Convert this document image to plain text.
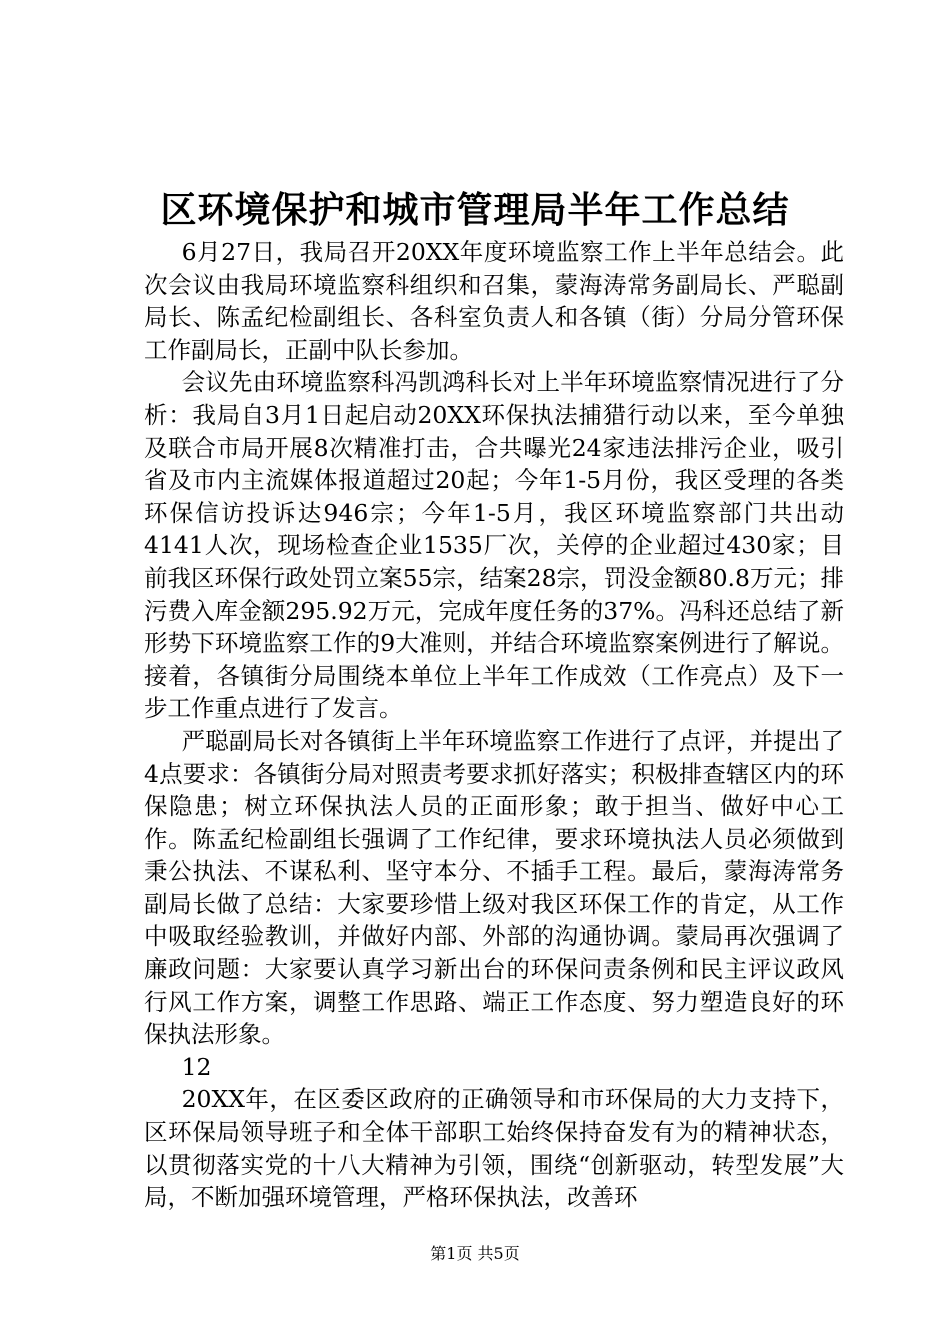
区环境保护和城市管理局半年工作总结

6月27日，我局召开20XX年度环境监察工作上半年总结会。此次会议由我局环境监察科组织和召集，蒙海涛常务副局长、严聪副局长、陈孟纪检副组长、各科室负责人和各镇（街）分局分管环保工作副局长，正副中队长参加。

会议先由环境监察科冯凯鸿科长对上半年环境监察情况进行了分析：我局自3月1日起启动20XX环保执法捕猎行动以来，至今单独及联合市局开展8次精准打击，合共曝光24家违法排污企业，吸引省及市内主流媒体报道超过20起；今年1-5月份，我区受理的各类环保信访投诉达946宗；今年1-5月，我区环境监察部门共出动4141人次，现场检查企业1535厂次，关停的企业超过430家；目前我区环保行政处罚立案55宗，结案28宗，罚没金额80.8万元；排污费入库金额295.92万元，完成年度任务的37%。冯科还总结了新形势下环境监察工作的9大准则，并结合环境监察案例进行了解说。接着，各镇街分局围绕本单位上半年工作成效（工作亮点）及下一步工作重点进行了发言。

严聪副局长对各镇街上半年环境监察工作进行了点评，并提出了4点要求：各镇街分局对照责考要求抓好落实；积极排查辖区内的环保隐患；树立环保执法人员的正面形象；敢于担当、做好中心工作。陈孟纪检副组长强调了工作纪律，要求环境执法人员必须做到秉公执法、不谋私利、坚守本分、不插手工程。最后，蒙海涛常务副局长做了总结：大家要珍惜上级对我区环保工作的肯定，从工作中吸取经验教训，并做好内部、外部的沟通协调。蒙局再次强调了廉政问题：大家要认真学习新出台的环保问责条例和民主评议政风行风工作方案，调整工作思路、端正工作态度、努力塑造良好的环保执法形象。

12

20XX年，在区委区政府的正确领导和市环保局的大力支持下，区环保局领导班子和全体干部职工始终保持奋发有为的精神状态，以贯彻落实党的十八大精神为引领，围绕“创新驱动，转型发展”大局，不断加强环境管理，严格环保执法，改善环

第1页 共5页
